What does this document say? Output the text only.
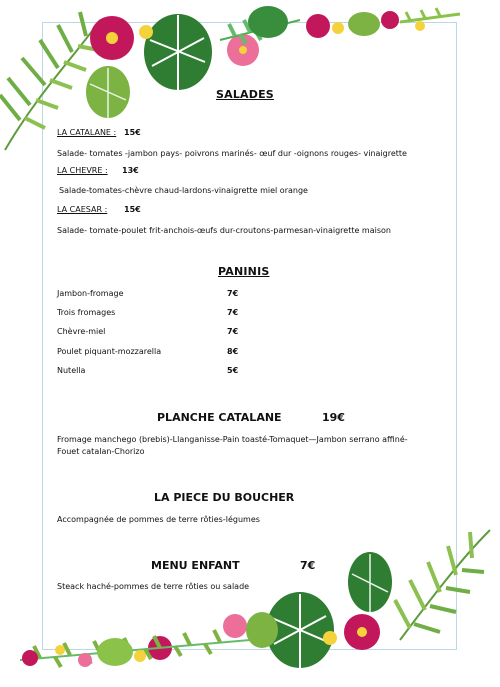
SALADES
LA CATALANE : 15€
Salade- tomates -jambon pays- poivrons marinés- œuf dur -oignons rouges- vinaigrette
LA CHEVRE : 13€
Salade-tomates-chèvre chaud-lardons-vinaigrette miel orange
LA CAESAR : 15€
Salade- tomate-poulet frit-anchois-œufs dur-croutons-parmesan-vinaigrette maison
PANINIS
Jambon-fromage	7€
Trois fromages	7€
Chèvre-miel	7€
Poulet piquant-mozzarella	8€
Nutella	5€
PLANCHE CATALANE	19€
Fromage manchego (brebis)-Llanganisse-Pain toasté-Tomaquet—Jambon serrano affiné-
Fouet catalan-Chorizo
LA PIECE DU BOUCHER
Accompagnée de pommes de terre rôties-légumes
MENU ENFANT	7€
Steack haché-pommes de terre rôties ou salade
